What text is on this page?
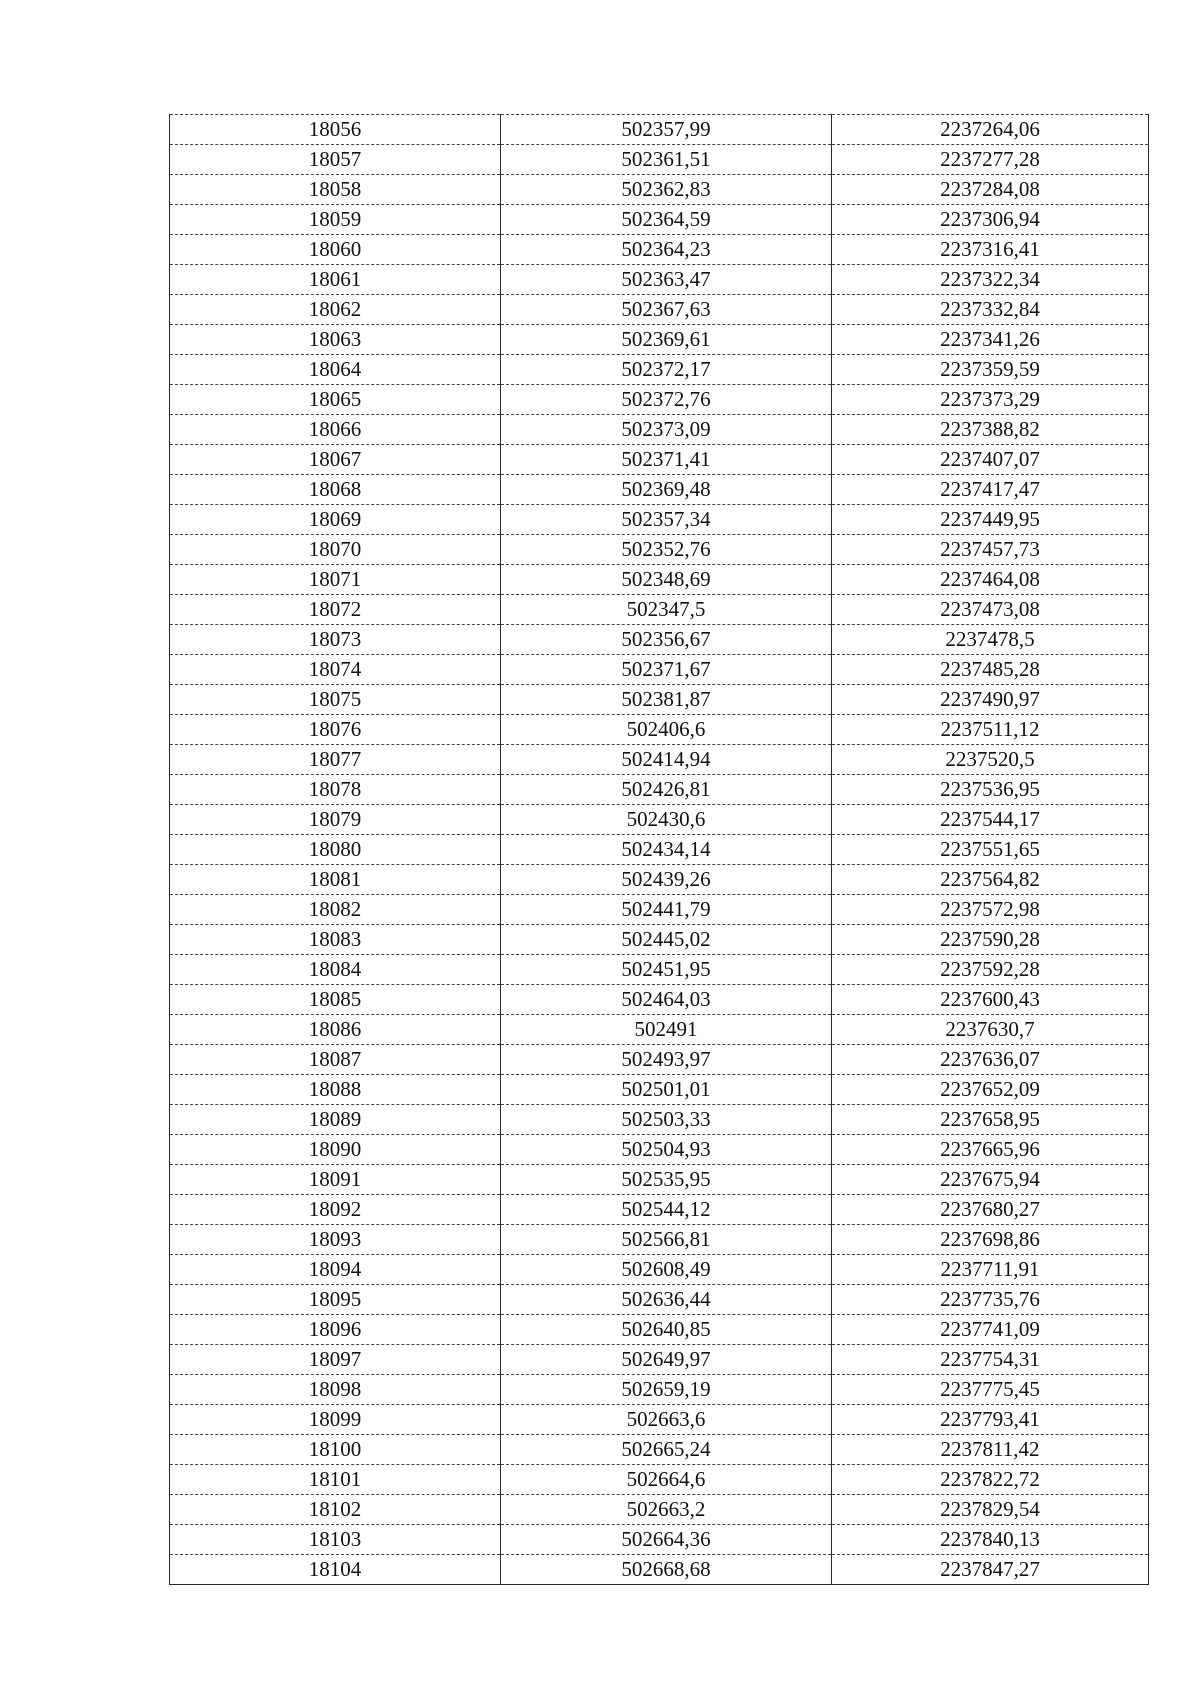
18056	502357,99	2237264,06
18057	502361,51	2237277,28
18058	502362,83	2237284,08
18059	502364,59	2237306,94
18060	502364,23	2237316,41
18061	502363,47	2237322,34
18062	502367,63	2237332,84
18063	502369,61	2237341,26
18064	502372,17	2237359,59
18065	502372,76	2237373,29
18066	502373,09	2237388,82
18067	502371,41	2237407,07
18068	502369,48	2237417,47
18069	502357,34	2237449,95
18070	502352,76	2237457,73
18071	502348,69	2237464,08
18072	502347,5	2237473,08
18073	502356,67	2237478,5
18074	502371,67	2237485,28
18075	502381,87	2237490,97
18076	502406,6	2237511,12
18077	502414,94	2237520,5
18078	502426,81	2237536,95
18079	502430,6	2237544,17
18080	502434,14	2237551,65
18081	502439,26	2237564,82
18082	502441,79	2237572,98
18083	502445,02	2237590,28
18084	502451,95	2237592,28
18085	502464,03	2237600,43
18086	502491	2237630,7
18087	502493,97	2237636,07
18088	502501,01	2237652,09
18089	502503,33	2237658,95
18090	502504,93	2237665,96
18091	502535,95	2237675,94
18092	502544,12	2237680,27
18093	502566,81	2237698,86
18094	502608,49	2237711,91
18095	502636,44	2237735,76
18096	502640,85	2237741,09
18097	502649,97	2237754,31
18098	502659,19	2237775,45
18099	502663,6	2237793,41
18100	502665,24	2237811,42
18101	502664,6	2237822,72
18102	502663,2	2237829,54
18103	502664,36	2237840,13
18104	502668,68	2237847,27
